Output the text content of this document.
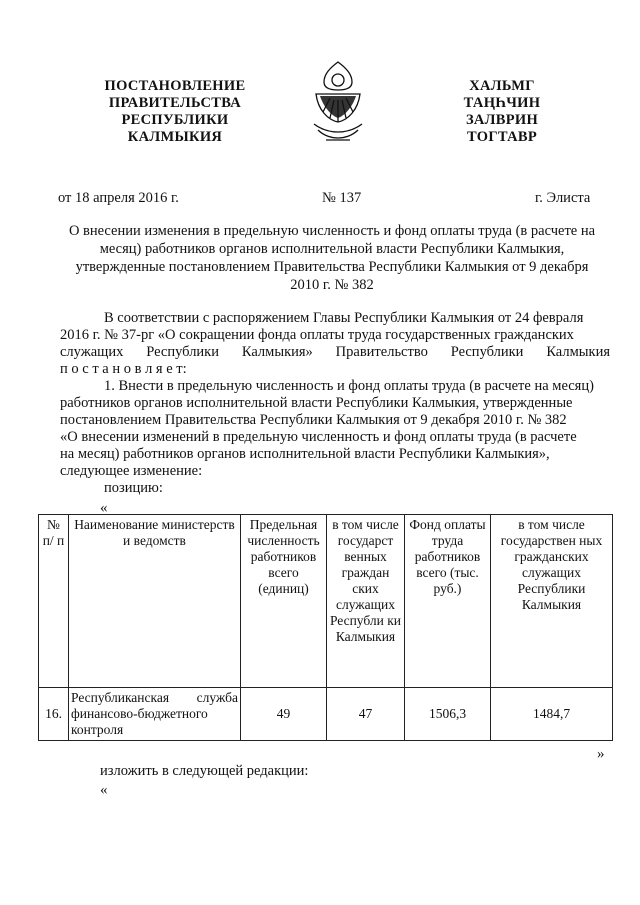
ПОСТАНОВЛЕНИЕ
ПРАВИТЕЛЬСТВА
РЕСПУБЛИКИ
КАЛМЫКИЯ
ХАЛЬМГ
ТАҢҺЧИН
ЗАЛВРИН
ТОГТАВР
от 18 апреля 2016 г.	№ 137	г. Элиста
О внесении изменения в предельную численность и фонд оплаты труда (в расчете на
месяц) работников органов исполнительной власти Республики Калмыкия,
утвержденные постановлением Правительства Республики Калмыкия от 9 декабря
2010 г. № 382
В соответствии с распоряжением Главы Республики Калмыкия от 24 февраля
2016 г. № 37-рг «О сокращении фонда оплаты труда государственных гражданских
служащих Республики Калмыкия» Правительство Республики Калмыкия
п о с т а н о в л я е т:
1. Внести в предельную численность и фонд оплаты труда (в расчете на месяц)
работников органов исполнительной власти Республики Калмыкия, утвержденные
постановлением Правительства Республики Калмыкия от 9 декабря 2010 г. № 382
«О внесении изменений в предельную численность и фонд оплаты труда (в расчете
на месяц) работников органов исполнительной власти Республики Калмыкия»,
следующее изменение:
позицию:
«
№ п/ п	Наименование министерств и ведомств	Предельная численность работников всего (единиц)	в том числе государст венных граждан ских служащих Республи ки Калмыкия	Фонд оплаты труда работников всего (тыс. руб.)	в том числе государствен ных гражданских служащих Республики Калмыкия
16.	Республиканская служба финансово-бюджетного контроля	49	47	1506,3	1484,7
»
изложить в следующей редакции:
«
